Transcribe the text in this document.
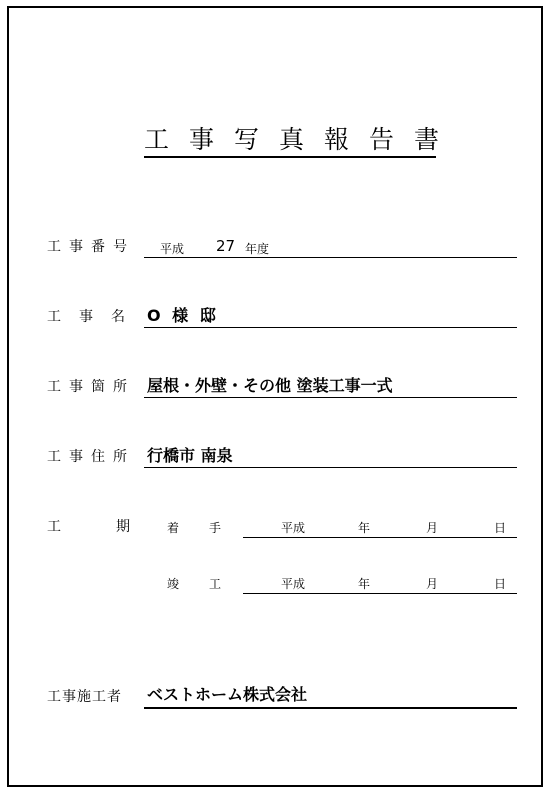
工事写真報告書
工事番号 平成 27 年度
工事名 O 様 邸
工事箇所 屋根・外壁・その他 塗装工事一式
工事住所 行橋市 南泉
工	期	着手 平成	年	月	日
竣工 平成	年	月	日
工事施工者 ベストホーム株式会社
